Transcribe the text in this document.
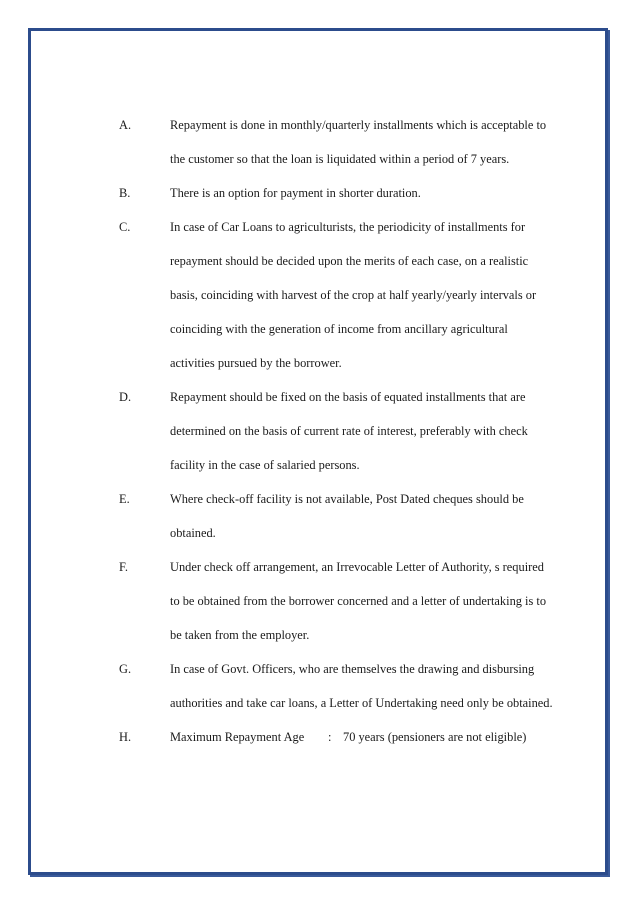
A.	Repayment is done in monthly/quarterly installments which is acceptable to
the customer so that the loan is liquidated within a period of 7 years.
B.	There is an option for payment in shorter duration.
C.	In case of Car Loans to agriculturists, the periodicity of installments for
repayment should be decided upon the merits of each case, on a realistic
basis, coinciding with harvest of the crop at half yearly/yearly intervals or
coinciding with the generation of income from ancillary agricultural
activities pursued by the borrower.
D.	Repayment should be fixed on the basis of equated installments that are
determined on the basis of current rate of interest, preferably with check
facility in the case of salaried persons.
E.	Where check-off facility is not available, Post Dated cheques should be
obtained.
F.	Under check off arrangement, an Irrevocable Letter of Authority, s required
to be obtained from the borrower concerned and a letter of undertaking is to
be taken from the employer.
G.	In case of Govt. Officers, who are themselves the drawing and disbursing
authorities and take car loans, a Letter of Undertaking need only be obtained.
H.	Maximum Repayment Age : 70 years (pensioners are not eligible)
